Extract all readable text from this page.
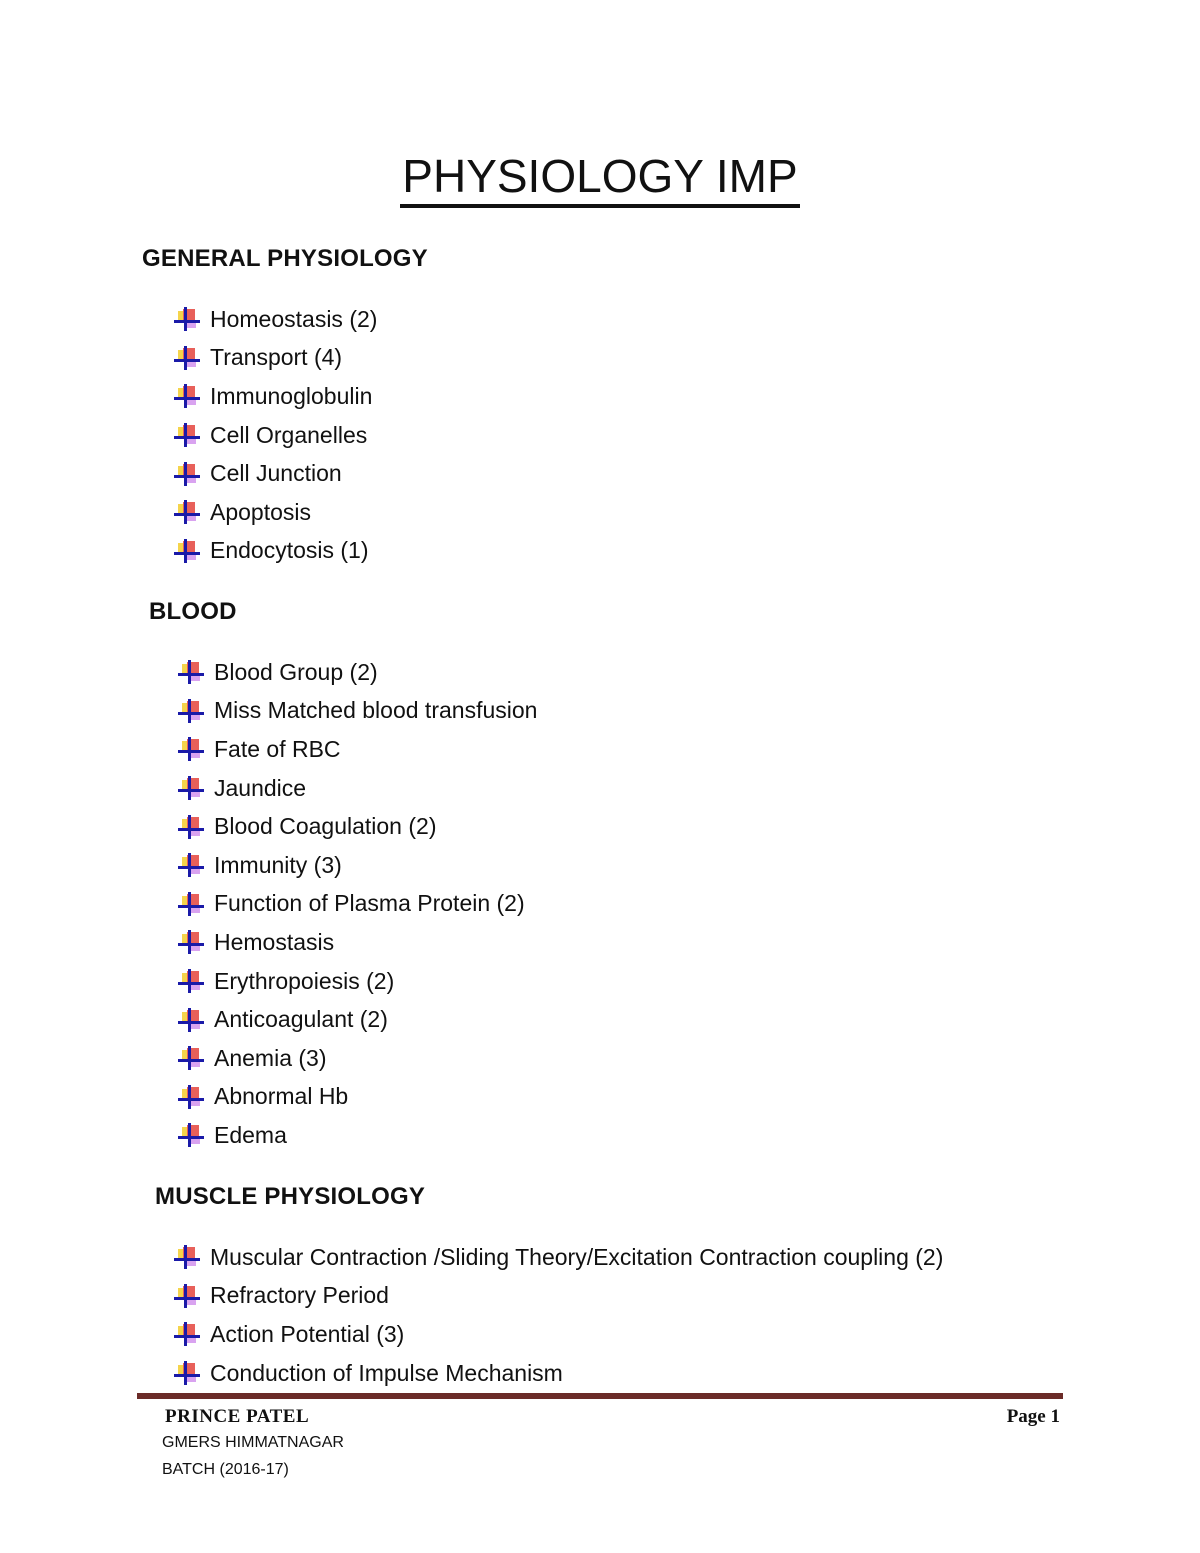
PHYSIOLOGY IMP
GENERAL PHYSIOLOGY
Homeostasis (2)
Transport (4)
Immunoglobulin
Cell Organelles
Cell Junction
Apoptosis
Endocytosis (1)
BLOOD
Blood Group (2)
Miss Matched blood transfusion
Fate of RBC
Jaundice
Blood Coagulation (2)
Immunity (3)
Function of Plasma Protein (2)
Hemostasis
Erythropoiesis (2)
Anticoagulant (2)
Anemia (3)
Abnormal Hb
Edema
MUSCLE PHYSIOLOGY
Muscular Contraction /Sliding Theory/Excitation Contraction coupling (2)
Refractory Period
Action Potential (3)
Conduction of Impulse Mechanism
PRINCE PATEL	Page 1
GMERS HIMMATNAGAR
BATCH (2016-17)
